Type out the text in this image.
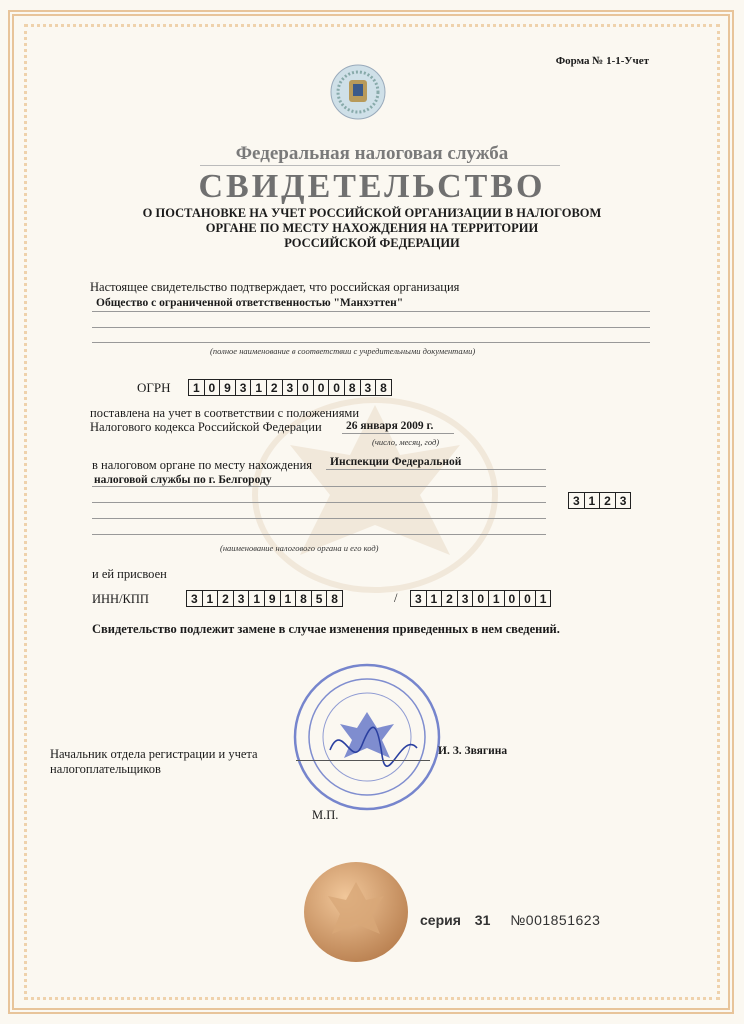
Форма № 1-1-Учет
Федеральная налоговая служба
СВИДЕТЕЛЬСТВО
О ПОСТАНОВКЕ НА УЧЕТ РОССИЙСКОЙ ОРГАНИЗАЦИИ В НАЛОГОВОМ
ОРГАНЕ ПО МЕСТУ НАХОЖДЕНИЯ НА ТЕРРИТОРИИ
РОССИЙСКОЙ ФЕДЕРАЦИИ
Настоящее свидетельство подтверждает, что российская организация
Общество с ограниченной ответственностью "Манхэттен"
(полное наименование в соответствии с учредительными документами)
ОГРН	1 0 9 3 1 2 3 0 0 0 8 3 8
поставлена на учет в соответствии с положениями
Налогового кодекса Российской Федерации 26 января 2009 г.
(число, месяц, год)
в налоговом органе по месту нахождения Инспекции Федеральной
налоговой службы по г. Белгороду
3 1 2 3
(наименование налогового органа и его код)
и ей присвоен
ИНН/КПП	3 1 2 3 1 9 1 8 5 8	/	3 1 2 3 0 1 0 0 1
Свидетельство подлежит замене в случае изменения приведенных в нем сведений.
Начальник отдела регистрации и учета
налогоплательщиков
И. З. Звягина
М.П.
серия 31 №001851623
